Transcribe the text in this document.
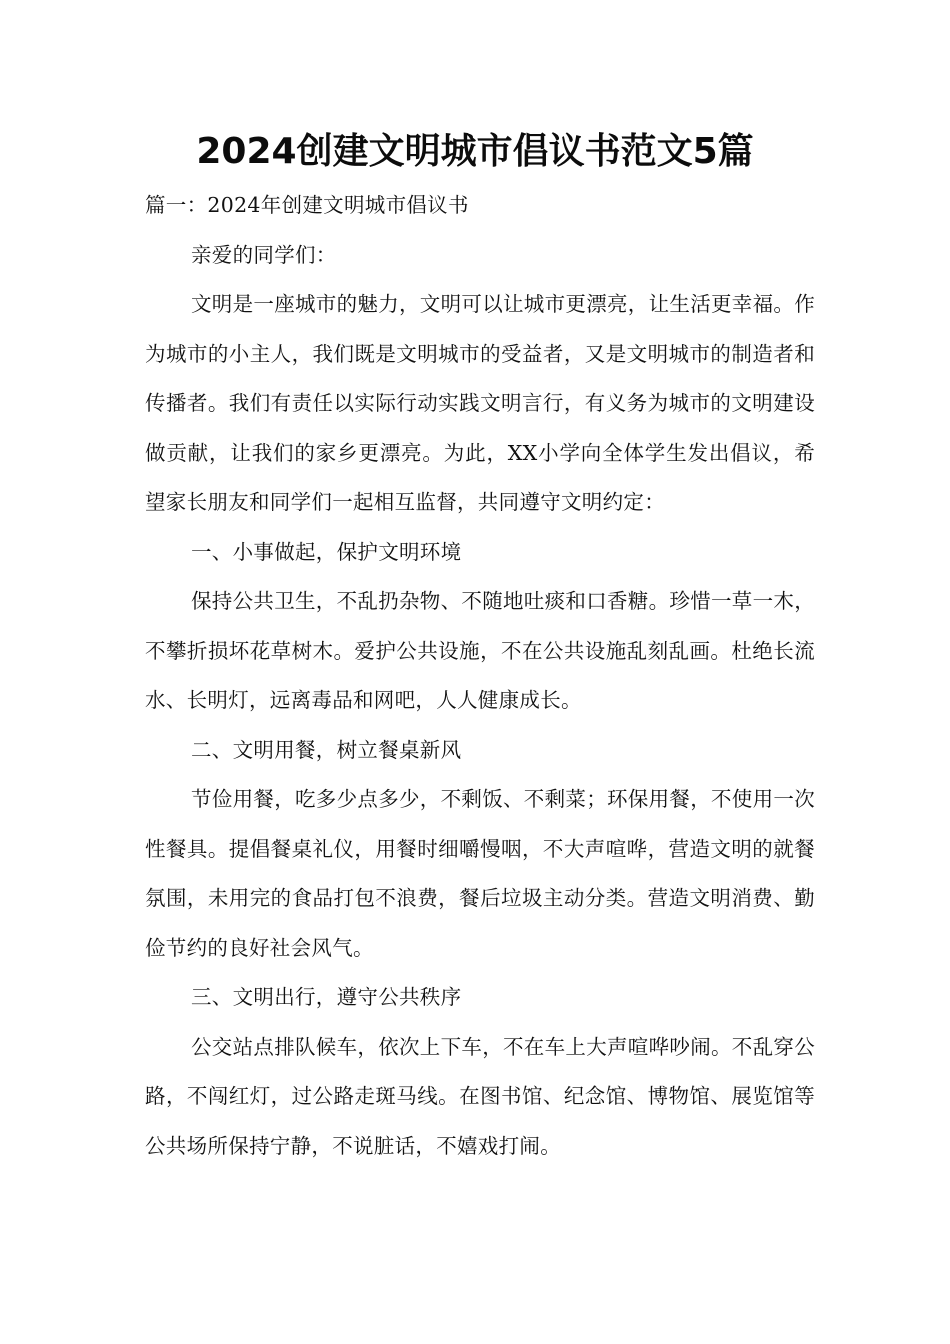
2024创建文明城市倡议书范文5篇

篇一：2024年创建文明城市倡议书

亲爱的同学们：

文明是一座城市的魅力，文明可以让城市更漂亮，让生活更幸福。作为城市的小主人，我们既是文明城市的受益者，又是文明城市的制造者和传播者。我们有责任以实际行动实践文明言行，有义务为城市的文明建设做贡献，让我们的家乡更漂亮。为此，XX小学向全体学生发出倡议，希望家长朋友和同学们一起相互监督，共同遵守文明约定：

一、小事做起，保护文明环境

保持公共卫生，不乱扔杂物、不随地吐痰和口香糖。珍惜一草一木，不攀折损坏花草树木。爱护公共设施，不在公共设施乱刻乱画。杜绝长流水、长明灯，远离毒品和网吧，人人健康成长。

二、文明用餐，树立餐桌新风

节俭用餐，吃多少点多少，不剩饭、不剩菜；环保用餐，不使用一次性餐具。提倡餐桌礼仪，用餐时细嚼慢咽，不大声喧哗，营造文明的就餐氛围，未用完的食品打包不浪费，餐后垃圾主动分类。营造文明消费、勤俭节约的良好社会风气。

三、文明出行，遵守公共秩序

公交站点排队候车，依次上下车，不在车上大声喧哗吵闹。不乱穿公路，不闯红灯，过公路走斑马线。在图书馆、纪念馆、博物馆、展览馆等公共场所保持宁静，不说脏话，不嬉戏打闹。
